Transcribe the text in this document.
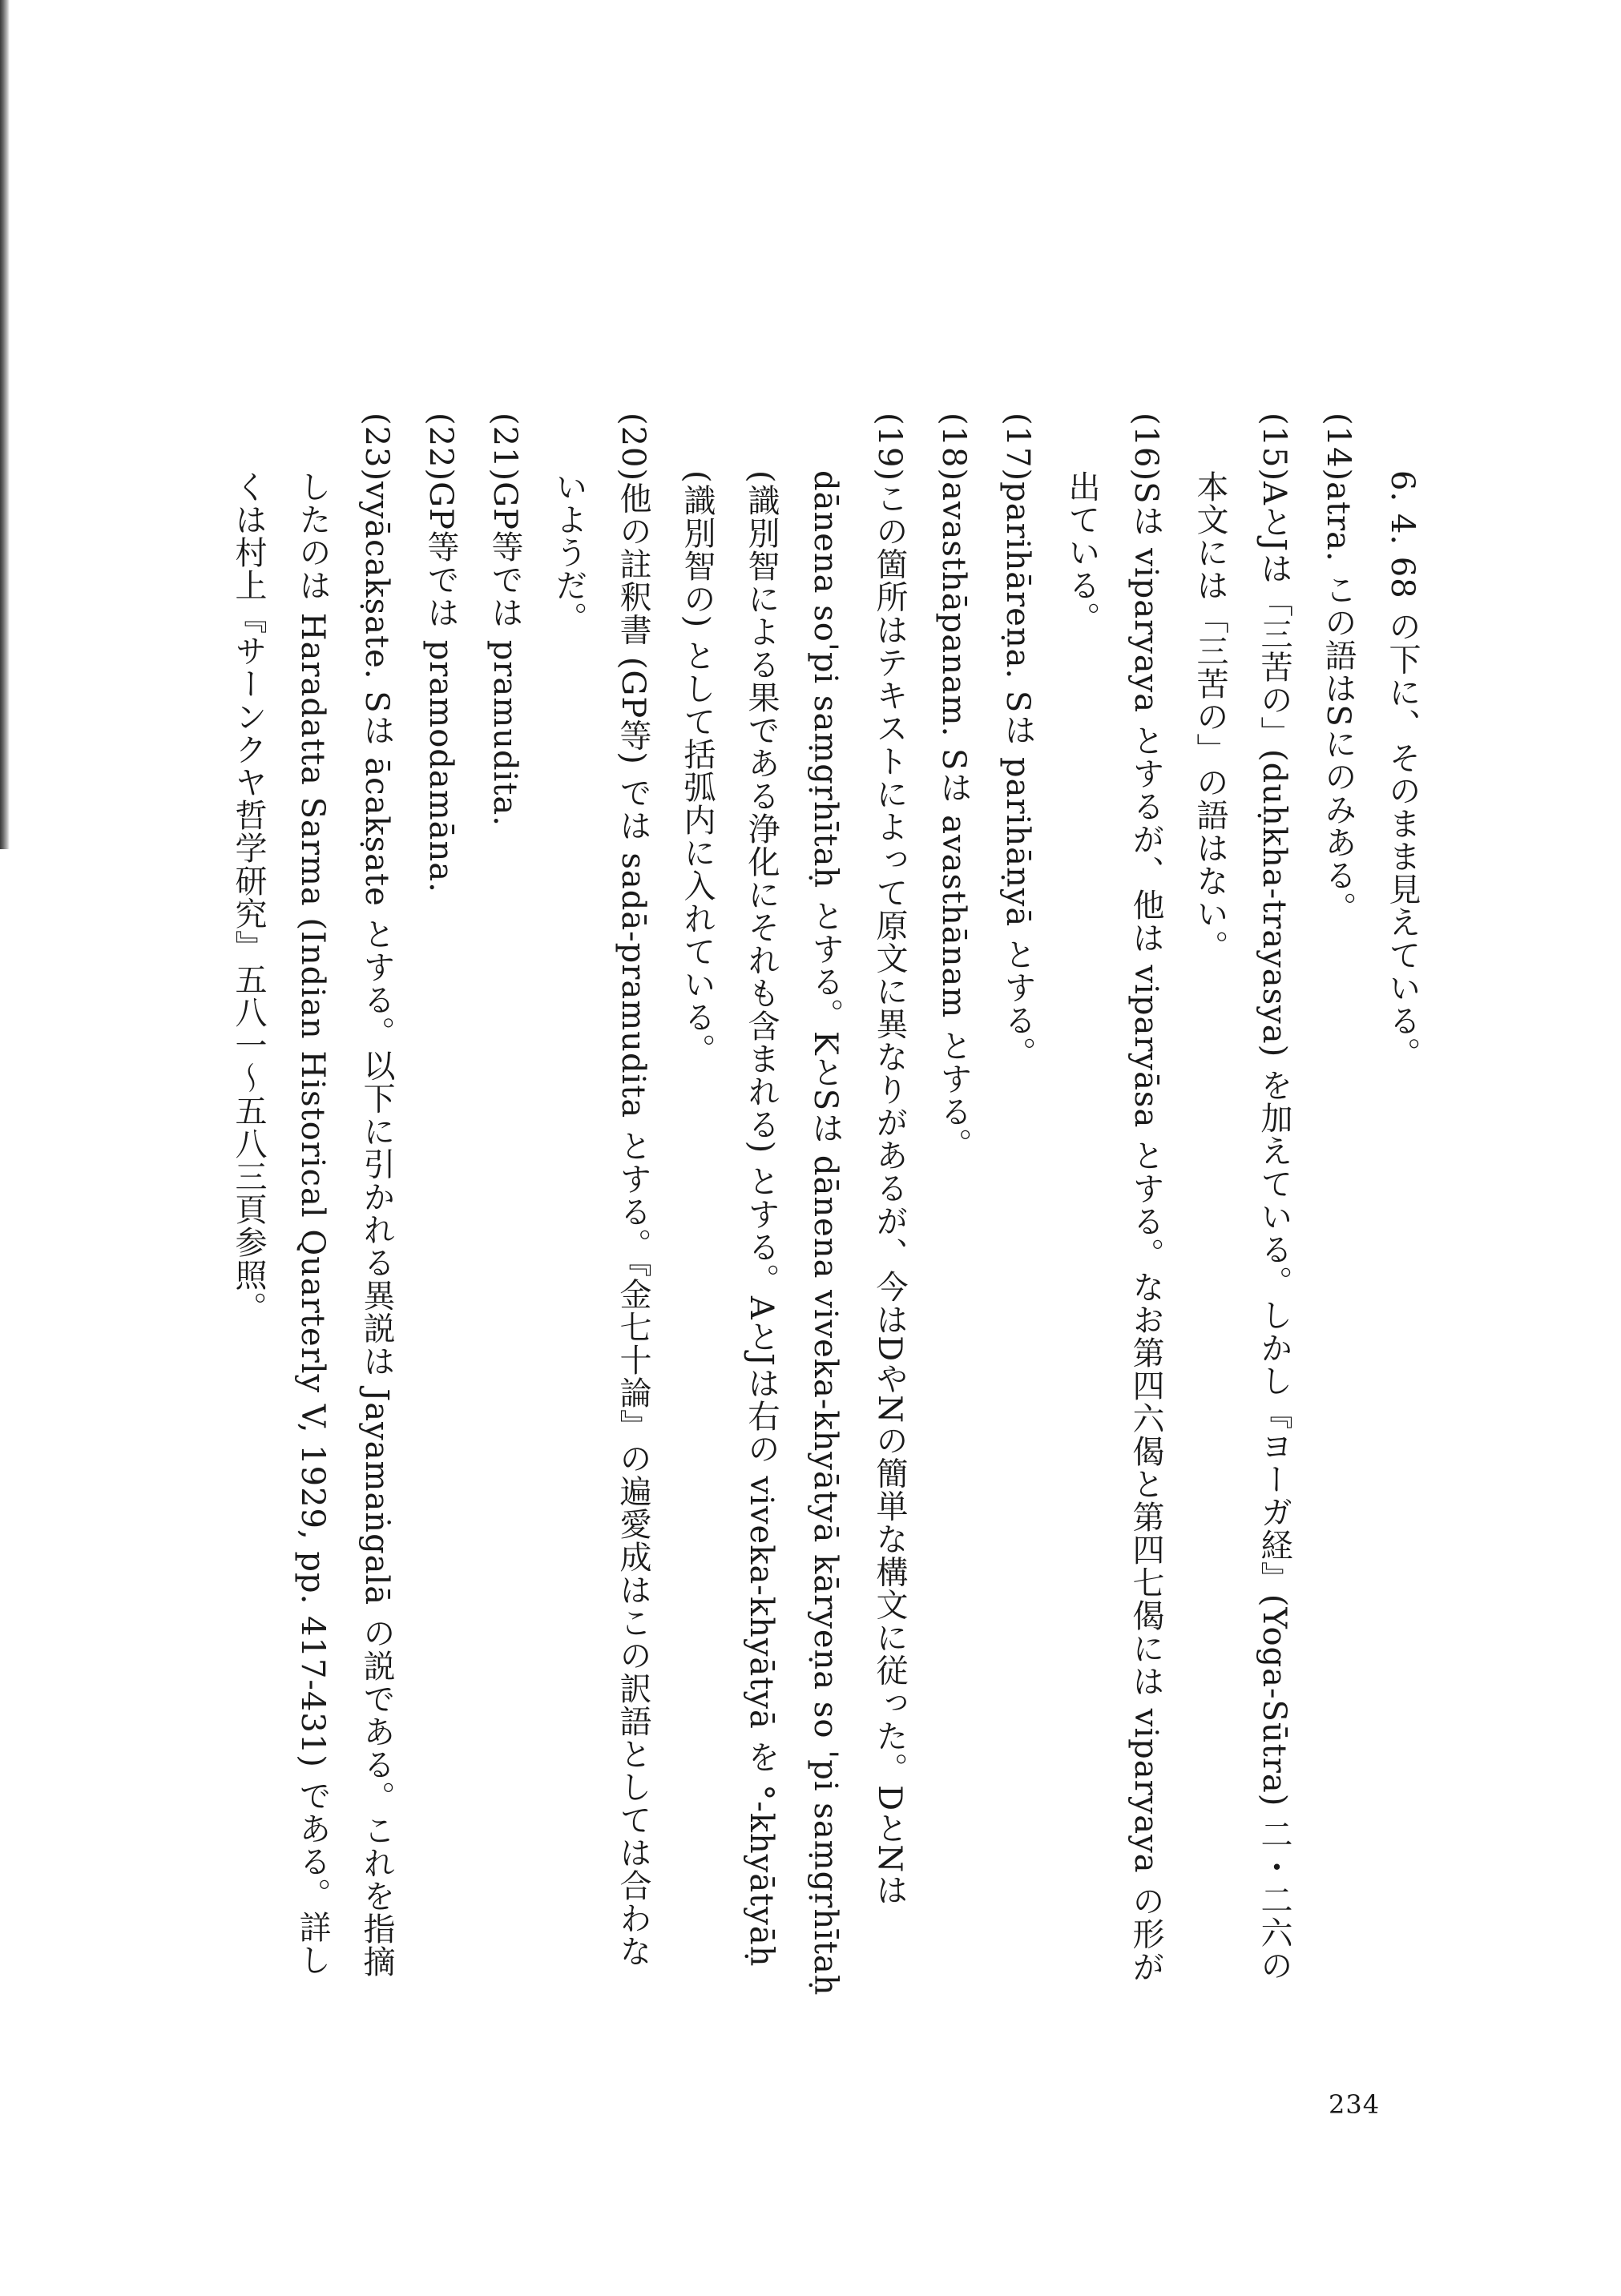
6. 4. 68 の下に、そのまま見えている。

(14)atra. この語はSにのみある。

(15)AとJは「三苦の」(duḥkha-trayasya) を加えている。しかし『ヨーガ経』(Yoga-Sūtra) 二・二六の本文には「三苦の」の語はない。

(16)Sは viparyaya とするが、他は viparyāsa とする。なお第四六偈と第四七偈には viparyaya の形が出ている。

(17)parihāreṇa. Sは parihāṇyā とする。

(18)avasthāpanam. Sは avasthānam とする。

(19)この箇所はテキストによって原文に異なりがあるが、今はDやNの簡単な構文に従った。DとNは dānena so'pi saṃgṛhītaḥ とする。KとSは dānena viveka-khyātyā kāryeṇa so 'pi saṃgṛhītaḥ (識別智による果である浄化にそれも含まれる) とする。AとJは右の viveka-khyātyā を °-khyātyāḥ (識別智の) として括弧内に入れている。

(20)他の註釈書 (GP等) では sadā-pramudita とする。『金七十論』の遍愛成はこの訳語としては合わないようだ。

(21)GP等では pramudita.

(22)GP等では pramodamāna.

(23)vyācakṣate. Sは ācakṣate とする。以下に引かれる異説は Jayamaṅgalā の説である。これを指摘したのは Haradatta Sarma (Indian Historical Quarterly V, 1929, pp. 417-431) である。詳しくは村上『サーンクヤ哲学研究』五八一～五八三頁参照。

234
